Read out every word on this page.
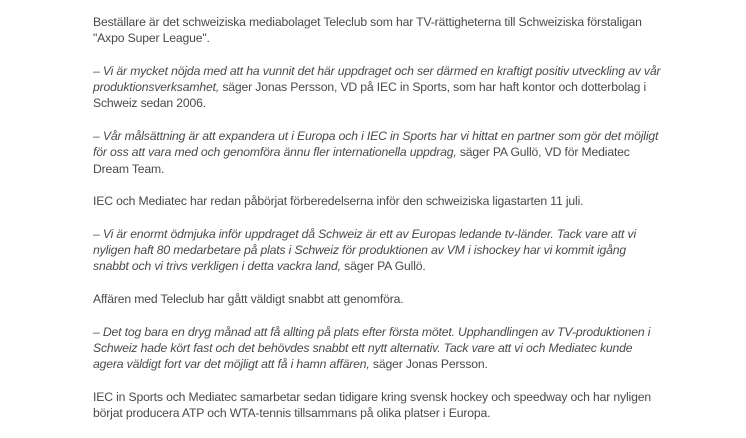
Beställare är det schweiziska mediabolaget Teleclub som har TV-rättigheterna till Schweiziska förstaligan "Axpo Super League".

– Vi är mycket nöjda med att ha vunnit det här uppdraget och ser därmed en kraftigt positiv utveckling av vår produktionsverksamhet, säger Jonas Persson, VD på IEC in Sports, som har haft kontor och dotterbolag i Schweiz sedan 2006.

– Vår målsättning är att expandera ut i Europa och i IEC in Sports har vi hittat en partner som gör det möjligt för oss att vara med och genomföra ännu fler internationella uppdrag, säger PA Gullö, VD för Mediatec Dream Team.

IEC och Mediatec har redan påbörjat förberedelserna inför den schweiziska ligastarten 11 juli.

– Vi är enormt ödmjuka inför uppdraget då Schweiz är ett av Europas ledande tv-länder. Tack vare att vi nyligen haft 80 medarbetare på plats i Schweiz för produktionen av VM i ishockey har vi kommit igång snabbt och vi trivs verkligen i detta vackra land, säger PA Gullö.

Affären med Teleclub har gått väldigt snabbt att genomföra.

– Det tog bara en dryg månad att få allting på plats efter första mötet. Upphandlingen av TV-produktionen i Schweiz hade kört fast och det behövdes snabbt ett nytt alternativ. Tack vare att vi och Mediatec kunde agera väldigt fort var det möjligt att få i hamn affären, säger Jonas Persson.

IEC in Sports och Mediatec samarbetar sedan tidigare kring svensk hockey och speedway och har nyligen börjat producera ATP och WTA-tennis tillsammans på olika platser i Europa.
